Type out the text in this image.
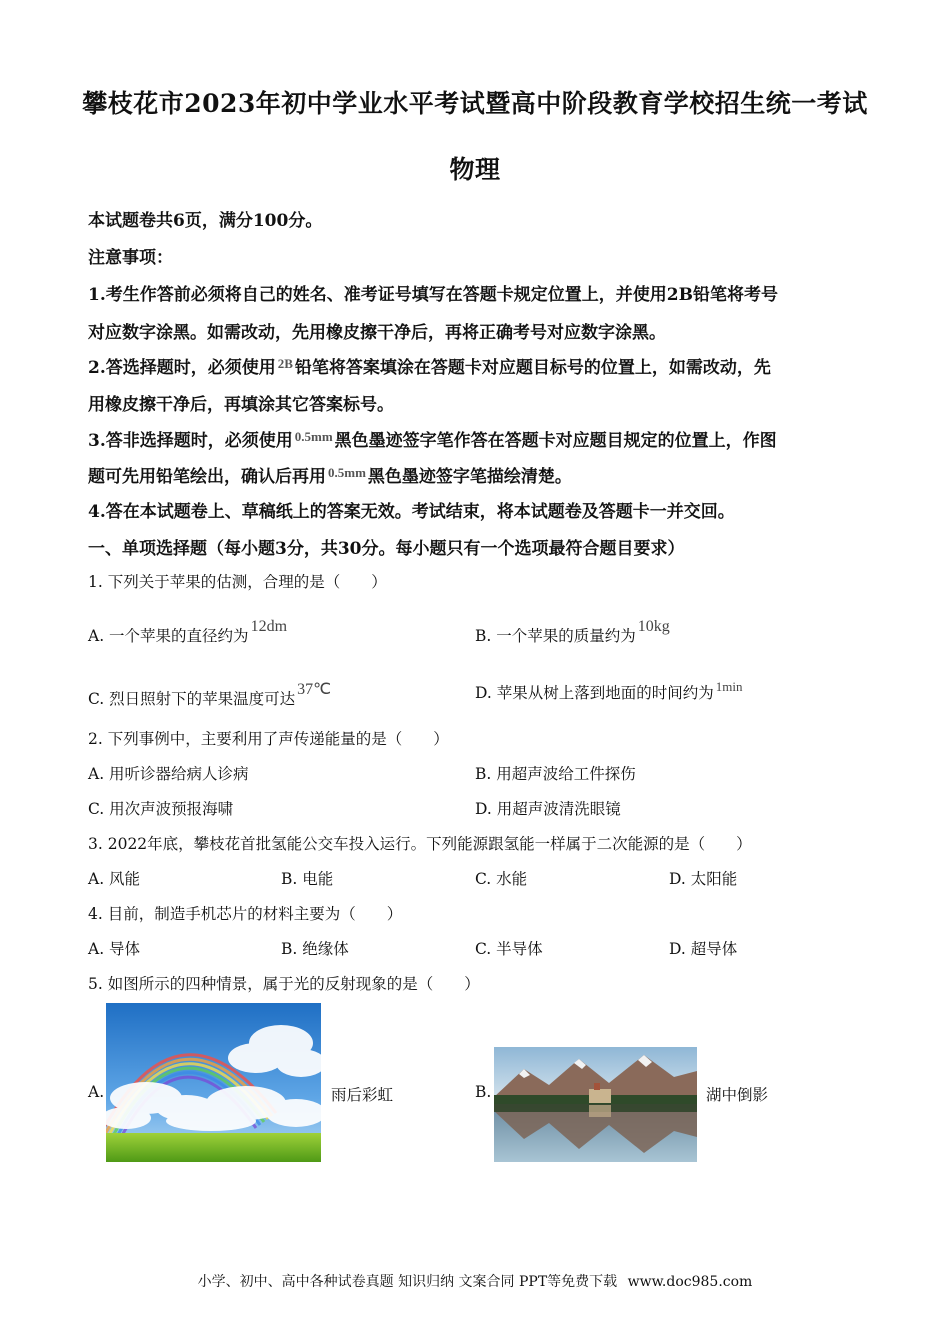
攀枝花市2023年初中学业水平考试暨高中阶段教育学校招生统一考试
物理
本试题卷共6页，满分100分。
注意事项：
1.考生作答前必须将自己的姓名、准考证号填写在答题卡规定位置上，并使用2B铅笔将考号
对应数字涂黑。如需改动，先用橡皮擦干净后，再将正确考号对应数字涂黑。
2.答选择题时，必须使用 $^{2B}$ 铅笔将答案填涂在答题卡对应题目标号的位置上，如需改动，先
用橡皮擦干净后，再填涂其它答案标号。
3.答非选择题时，必须使用 $^{0.5mm}$ 黑色墨迹签字笔作答在答题卡对应题目规定的位置上，作图
题可先用铅笔绘出，确认后再用 $^{0.5mm}$ 黑色墨迹签字笔描绘清楚。
4.答在本试题卷上、草稿纸上的答案无效。考试结束，将本试题卷及答题卡一并交回。
一、单项选择题（每小题3分，共30分。每小题只有一个选项最符合题目要求）
1. 下列关于苹果的估测，合理的是（　　）
A. 一个苹果的直径约为12dm
B. 一个苹果的质量约为10kg
C. 烈日照射下的苹果温度可达37℃	D. 苹果从树上落到地面的时间约为 $^{1min}$
2. 下列事例中，主要利用了声传递能量的是（　　）
A. 用听诊器给病人诊病	B. 用超声波给工件探伤
C. 用次声波预报海啸	D. 用超声波清洗眼镜
3. 2022年底，攀枝花首批氢能公交车投入运行。下列能源跟氢能一样属于二次能源的是（　　）
A. 风能	B. 电能	C. 水能	D. 太阳能
4. 目前，制造手机芯片的材料主要为（　　）
A. 导体	B. 绝缘体	C. 半导体	D. 超导体
5. 如图所示的四种情景，属于光的反射现象的是（　　）
A.	雨后彩虹	B.	湖中倒影
小学、初中、高中各种试卷真题 知识归纳 文案合同 PPT等免费下载 www.doc985.com
